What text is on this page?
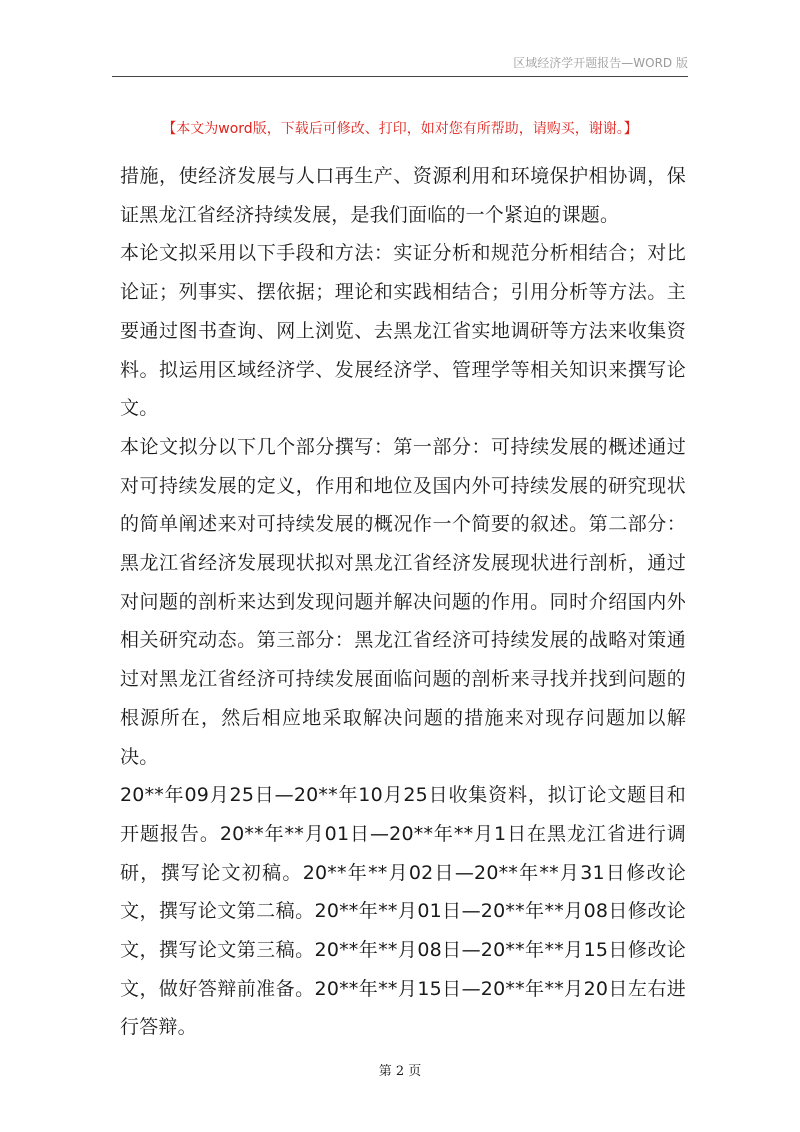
区域经济学开题报告—WORD 版
【本文为word版，下载后可修改、打印，如对您有所帮助，请购买，谢谢。】

措施，使经济发展与人口再生产、资源利用和环境保护相协调，保证黑龙江省经济持续发展，是我们面临的一个紧迫的课题。

本论文拟采用以下手段和方法：实证分析和规范分析相结合；对比论证；列事实、摆依据；理论和实践相结合；引用分析等方法。主要通过图书查询、网上浏览、去黑龙江省实地调研等方法来收集资料。拟运用区域经济学、发展经济学、管理学等相关知识来撰写论文。

本论文拟分以下几个部分撰写：第一部分：可持续发展的概述通过对可持续发展的定义，作用和地位及国内外可持续发展的研究现状的简单阐述来对可持续发展的概况作一个简要的叙述。第二部分：黑龙江省经济发展现状拟对黑龙江省经济发展现状进行剖析，通过对问题的剖析来达到发现问题并解决问题的作用。同时介绍国内外相关研究动态。第三部分：黑龙江省经济可持续发展的战略对策通过对黑龙江省经济可持续发展面临问题的剖析来寻找并找到问题的根源所在，然后相应地采取解决问题的措施来对现存问题加以解决。

20**年09月25日—20**年10月25日收集资料，拟订论文题目和开题报告。20**年**月01日—20**年**月1日在黑龙江省进行调研，撰写论文初稿。20**年**月02日—20**年**月31日修改论文，撰写论文第二稿。20**年**月01日—20**年**月08日修改论文，撰写论文第三稿。20**年**月08日—20**年**月15日修改论文，做好答辩前准备。20**年**月15日—20**年**月20日左右进行答辩。

第 2 页
